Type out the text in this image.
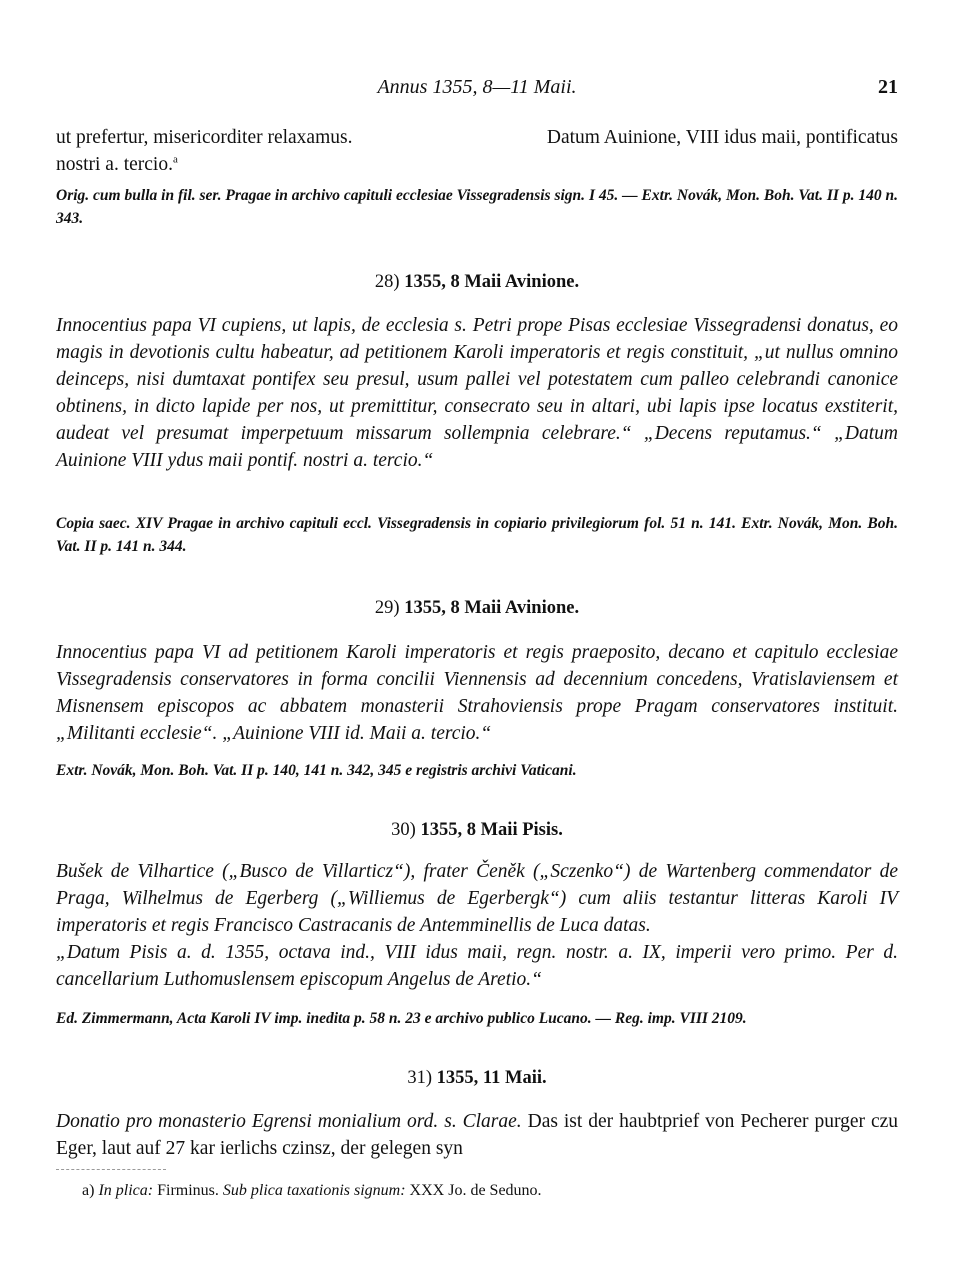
Annus 1355, 8—11 Maii.	21
ut prefertur, misericorditer relaxamus.	Datum Auinione, VIII idus maii, pontificatus
nostri a. tercio.$^a$
Orig. cum bulla in fil. ser. Pragae in archivo capituli ecclesiae Vissegradensis sign. I 45. — Extr. Novák, Mon. Boh. Vat. II p. 140 n. 343.
28) 1355, 8 Maii Avinione.
Innocentius papa VI cupiens, ut lapis, de ecclesia s. Petri prope Pisas ecclesiae Vissegradensi donatus, eo magis in devotionis cultu habeatur, ad petitionem Karoli imperatoris et regis constituit, „ut nullus omnino deinceps, nisi dumtaxat pontifex seu presul, usum pallei vel potestatem cum palleo celebrandi canonice obtinens, in dicto lapide per nos, ut premittitur, consecrato seu in altari, ubi lapis ipse locatus exstiterit, audeat vel presumat imperpetuum missarum sollempnia celebrare.“ „Decens reputamus.“ „Datum Auinione VIII ydus maii pontif. nostri a. tercio.“
Copia saec. XIV Pragae in archivo capituli eccl. Vissegradensis in copiario privilegiorum fol. 51 n. 141. Extr. Novák, Mon. Boh. Vat. II p. 141 n. 344.
29) 1355, 8 Maii Avinione.
Innocentius papa VI ad petitionem Karoli imperatoris et regis praeposito, decano et capitulo ecclesiae Vissegradensis conservatores in forma concilii Viennensis ad decennium concedens, Vratislaviensem et Misnensem episcopos ac abbatem monasterii Strahoviensis prope Pragam conservatores instituit. „Militanti ecclesie“. „Auinione VIII id. Maii a. tercio.“
Extr. Novák, Mon. Boh. Vat. II p. 140, 141 n. 342, 345 e registris archivi Vaticani.
30) 1355, 8 Maii Pisis.
Bušek de Vilhartice („Busco de Villarticz“), frater Čeněk („Sczenko“) de Wartenberg commendator de Praga, Wilhelmus de Egerberg („Williemus de Egerbergk“) cum aliis testantur litteras Karoli IV imperatoris et regis Francisco Castracanis de Antemminellis de Luca datas.
„Datum Pisis a. d. 1355, octava ind., VIII idus maii, regn. nostr. a. IX, imperii vero primo. Per d. cancellarium Luthomuslensem episcopum Angelus de Aretio.“
Ed. Zimmermann, Acta Karoli IV imp. inedita p. 58 n. 23 e archivo publico Lucano. — Reg. imp. VIII 2109.
31) 1355, 11 Maii.
Donatio pro monasterio Egrensi monialium ord. s. Clarae. Das ist der haubtprief von Pecherer purger czu Eger, laut auf 27 kar ierlichs czinsz, der gelegen syn
a) In plica: Firminus. Sub plica taxationis signum: XXX Jo. de Seduno.
